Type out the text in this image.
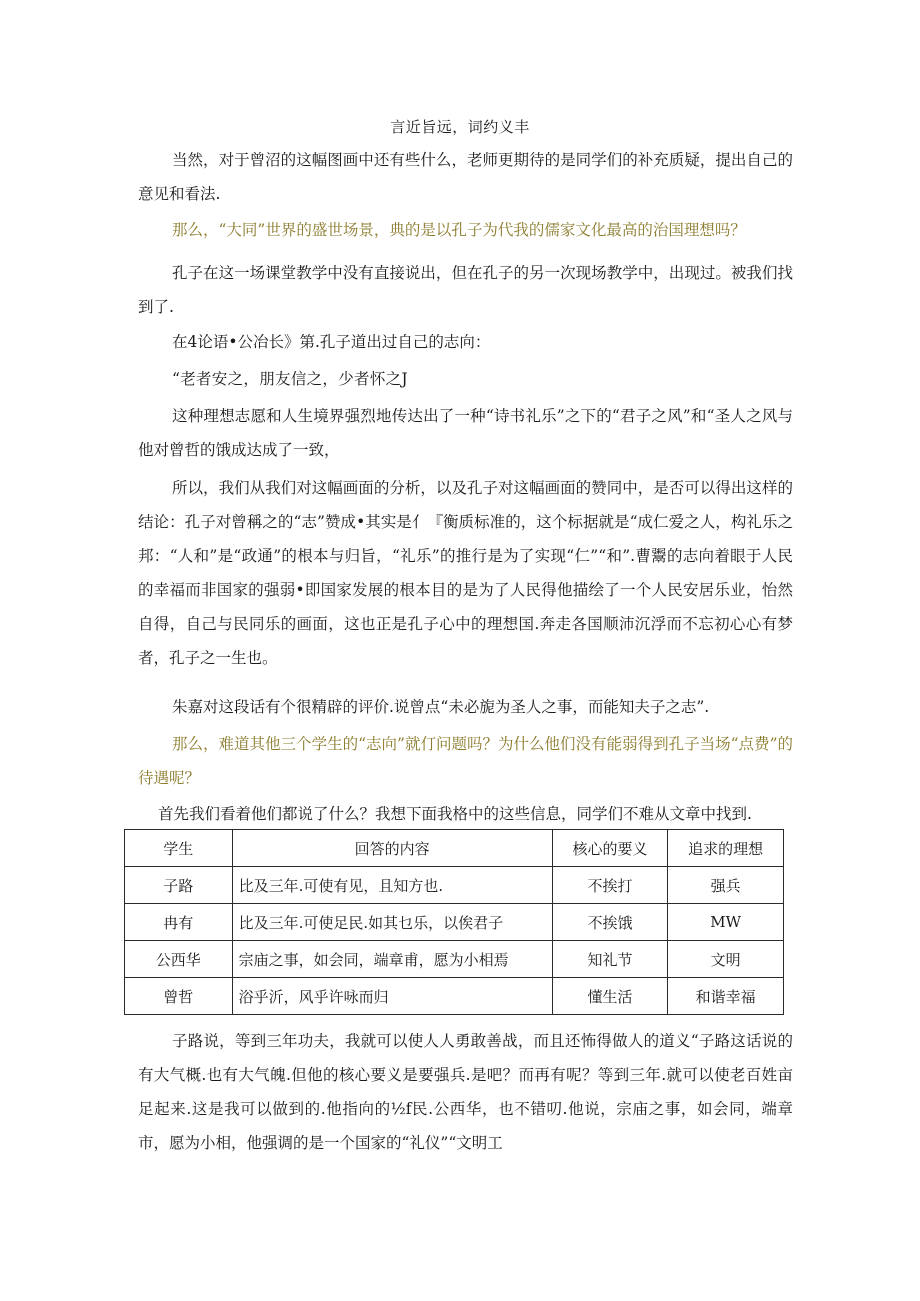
言近旨远，词约义丰

当然，对于曾沼的这幅图画中还有些什么，老师更期待的是同学们的补充质疑，提出自己的意见和看法.

那么，“大同”世界的盛世场景，典的是以孔子为代我的儒家文化最高的治国理想吗？

孔子在这一场课堂教学中没有直接说出，但在孔子的另一次现场教学中，出现过。被我们找到了.

在4论语•公冶长》第.孔子道出过自己的志向：

“老者安之，朋友信之，少者怀之J

这种理想志愿和人生境界强烈地传达出了一种“诗书礼乐”之下的“君子之风”和“圣人之风与他对曾哲的饿成达成了一致，

所以，我们从我们对这幅画面的分析，以及孔子对这幅画面的赞同中，是否可以得出这样的结论：孔子对曾稱之的“志”赞成•其实是亻『衡质标准的，这个标据就是“成仁爱之人，构礼乐之邦：“人和”是“政通”的根本与归旨，“礼乐”的推行是为了实现“仁”“和”.曹鬻的志向着眼于人民的幸福而非国家的强弱•即国家发展的根本目的是为了人民得他描绘了一个人民安居乐业，怡然自得，自己与民同乐的画面，这也正是孔子心中的理想国.奔走各国顺沛沉浮而不忘初心心有梦者，孔子之一生也。

朱嘉对这段话有个很精辟的评价.说曾点“未必旎为圣人之事，而能知夫子之志”.

那么，难道其他三个学生的“志向”就仃问题吗？为什么他们没有能弱得到孔子当场“点费”的待遇呢？

首先我们看着他们都说了什么？我想下面我格中的这些信息，同学们不难从文章中找到.

学生	回答的内容	核心的要义	追求的理想
子路	比及三年.可使有见，且知方也.	不挨打	强兵
冉有	比及三年.可使足民.如其乜乐，以俟君子	不挨饿	MW
公西华	宗庙之事，如会同，端章甫，愿为小相焉	知礼节	文明
曾哲	浴乎沂，风乎许咏而归	懂生活	和谐幸福

子路说，等到三年功夫，我就可以使人人勇敢善战，而且还怖得做人的道义“子路这话说的有大气概.也有大气魄.但他的核心要义是要强兵.是吧？而再有呢？等到三年.就可以使老百姓亩足起来.这是我可以做到的.他指向的½f民.公西华，也不错叨.他说，宗庙之事，如会同，端章市，愿为小相，他强调的是一个国家的“礼仪”“文明工
